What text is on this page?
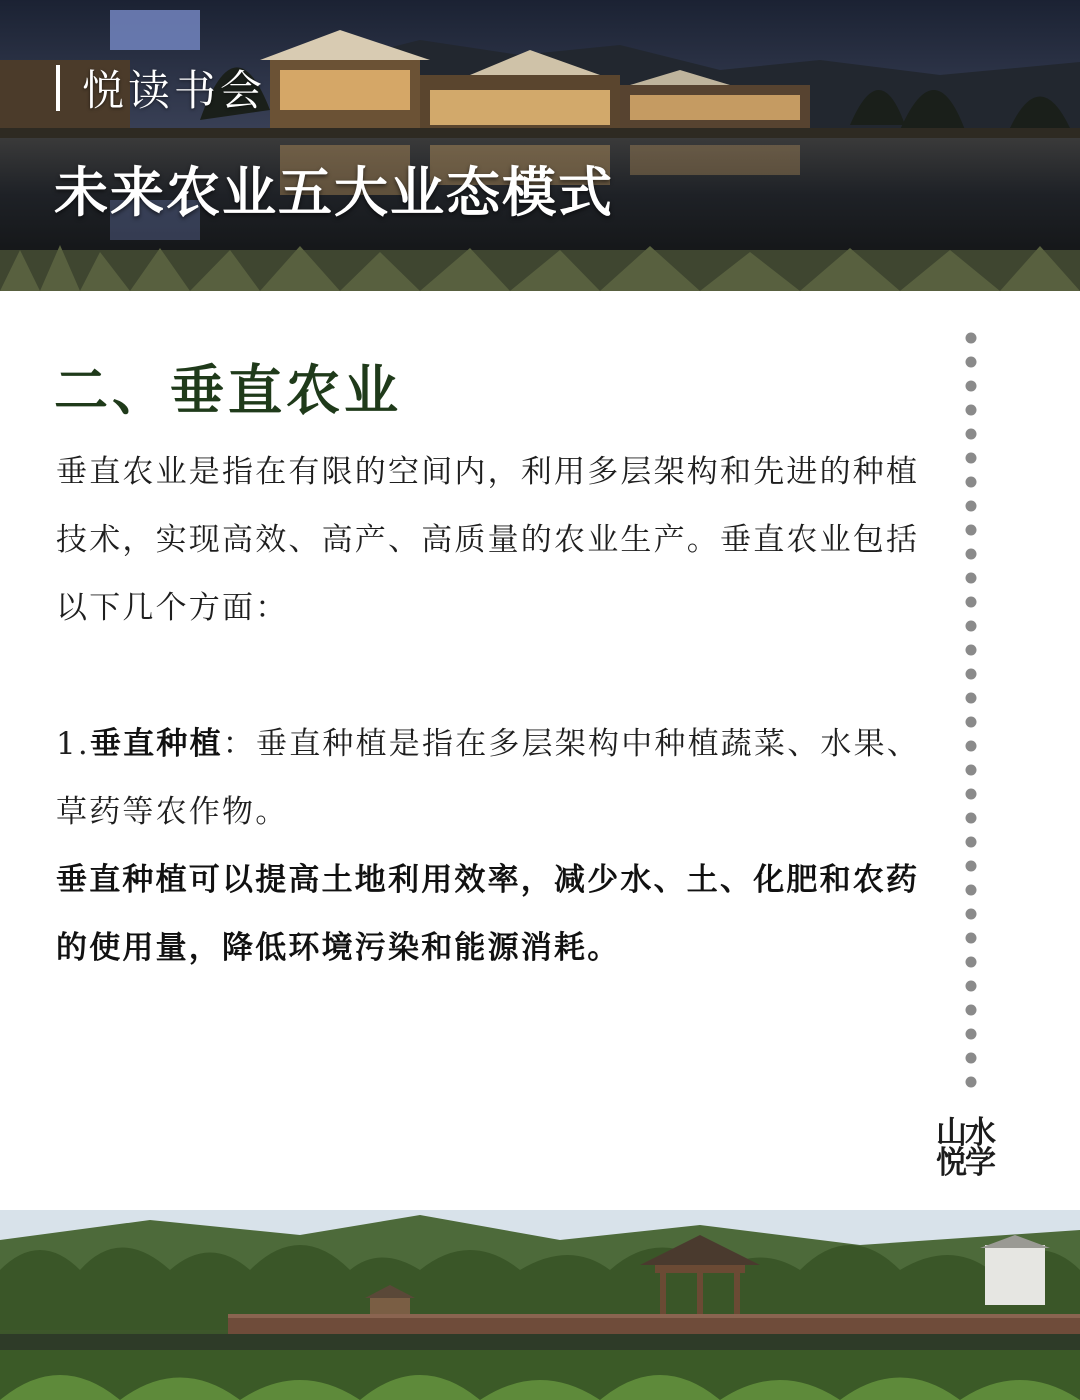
悦读书会
未来农业五大业态模式
二、垂直农业

垂直农业是指在有限的空间内，利用多层架构和先进的种植技术，实现高效、高产、高质量的农业生产。垂直农业包括以下几个方面：

1.垂直种植：垂直种植是指在多层架构中种植蔬菜、水果、草药等农作物。

垂直种植可以提高土地利用效率，减少水、土、化肥和农药的使用量，降低环境污染和能源消耗。

山水
悦学
